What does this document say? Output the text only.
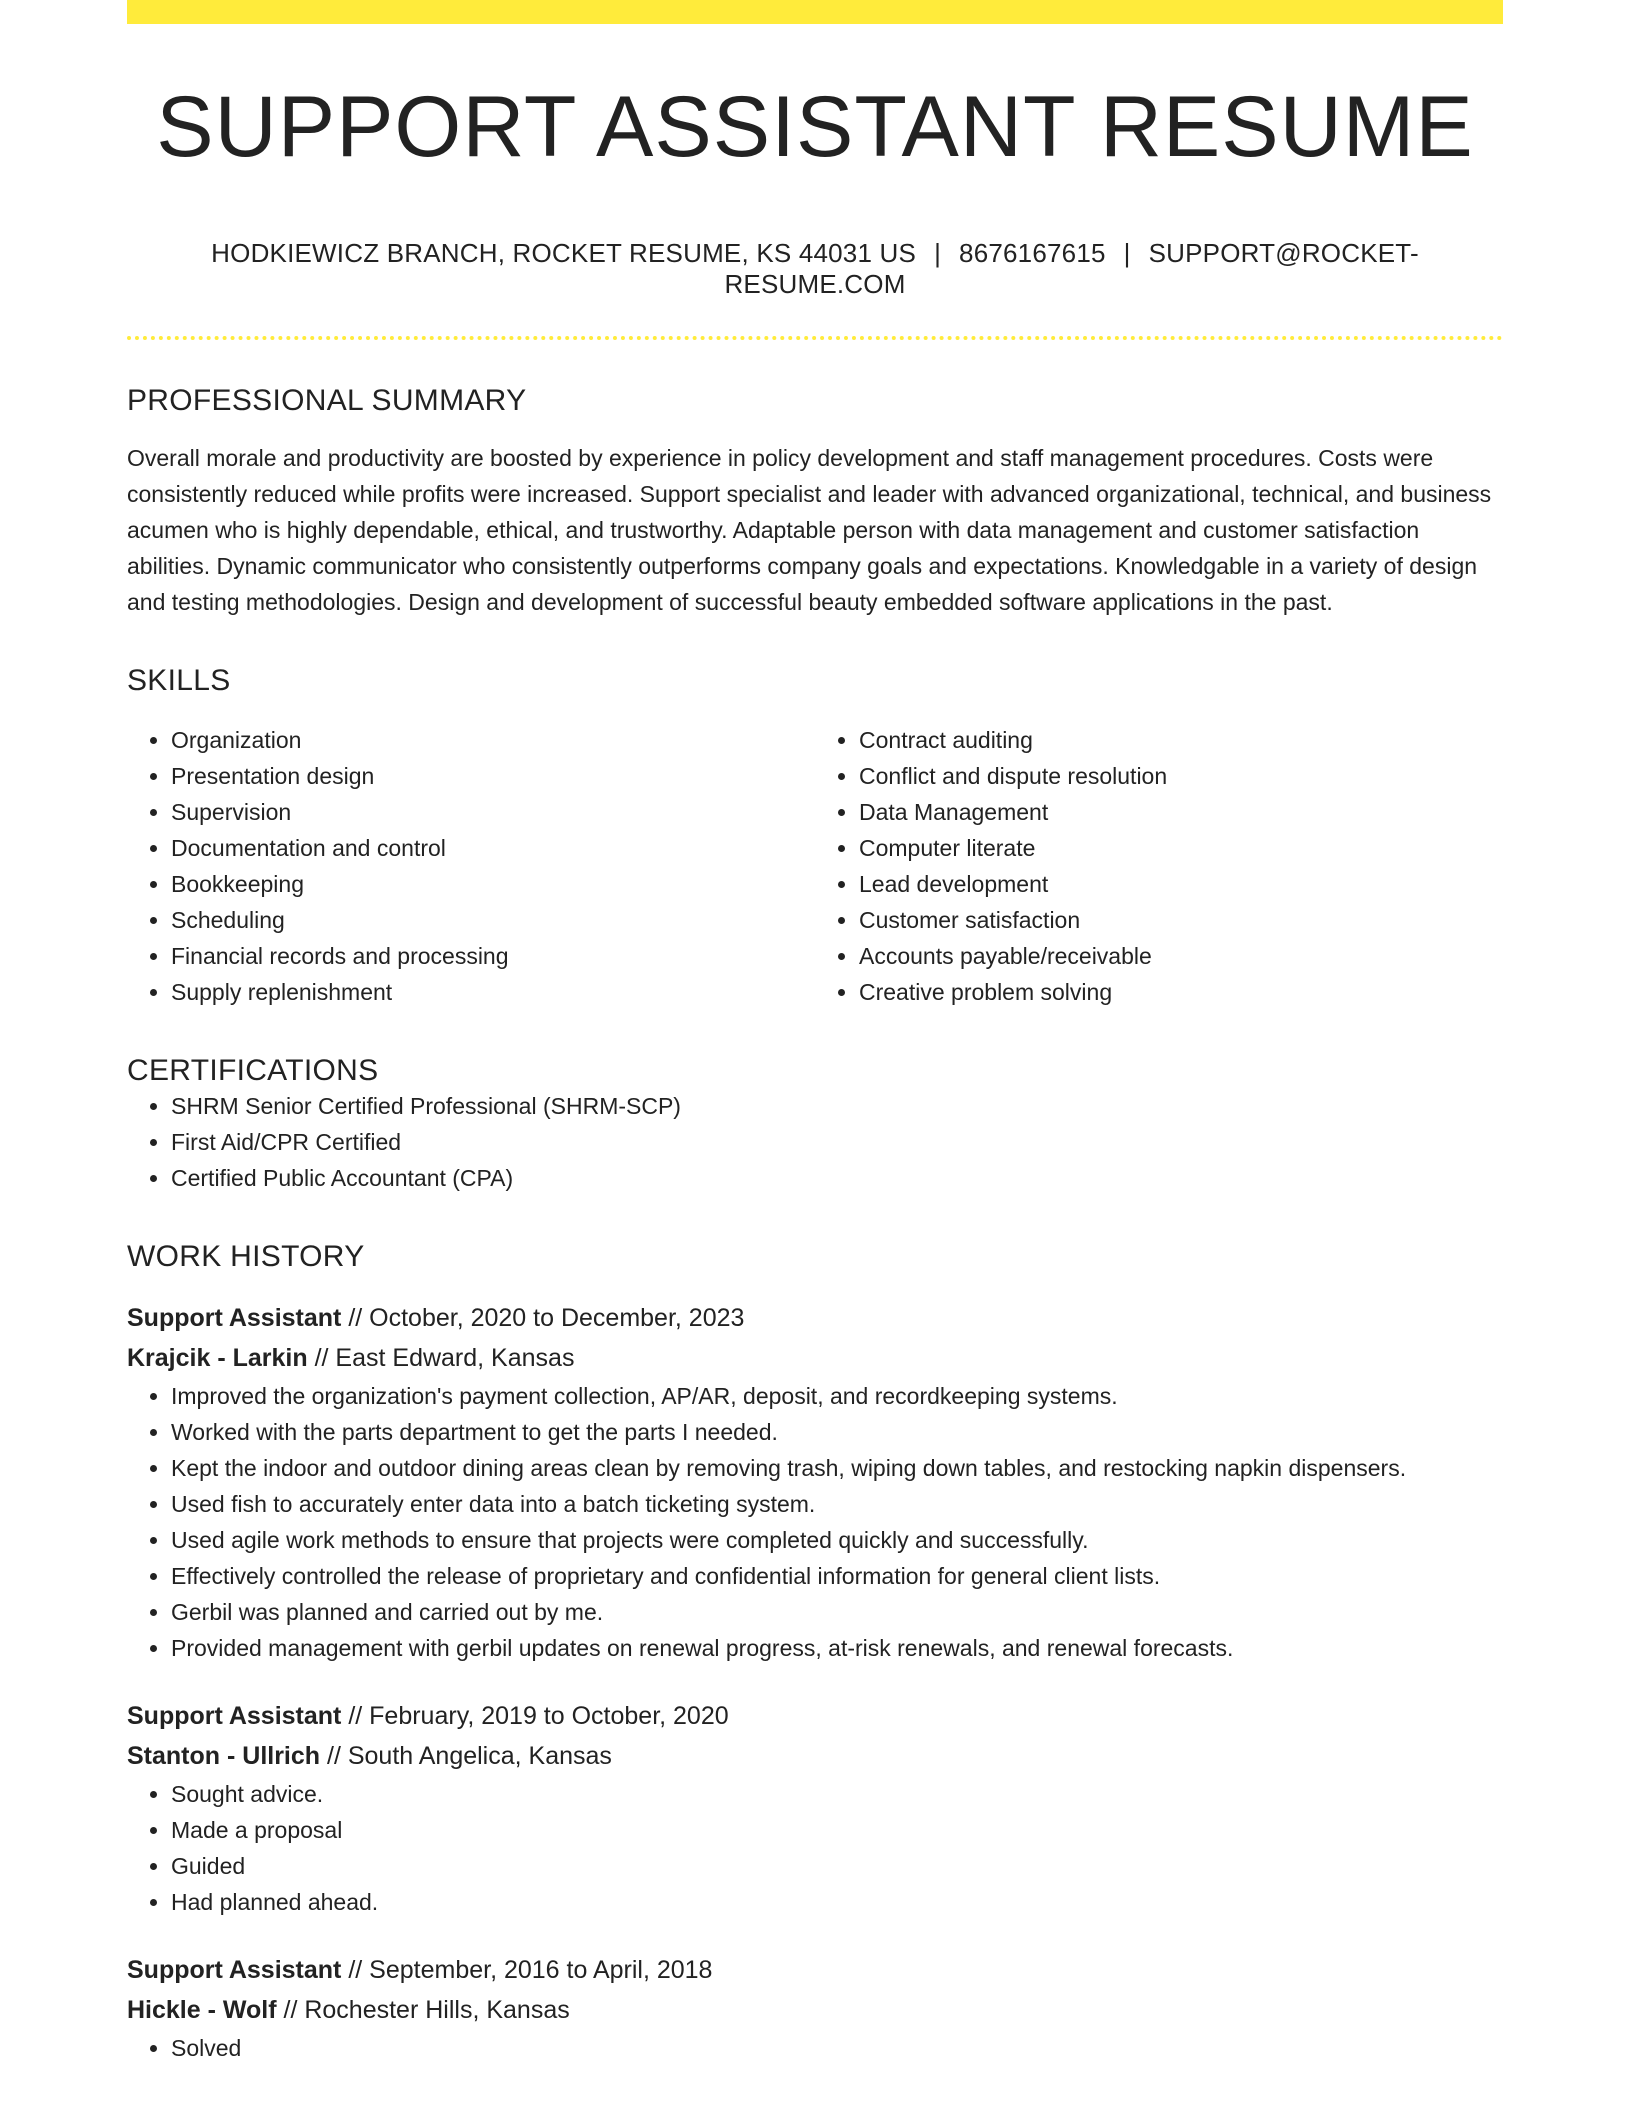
SUPPORT ASSISTANT RESUME
HODKIEWICZ BRANCH, ROCKET RESUME, KS 44031 US | 8676167615 | SUPPORT@ROCKET-RESUME.COM
PROFESSIONAL SUMMARY
Overall morale and productivity are boosted by experience in policy development and staff management procedures. Costs were consistently reduced while profits were increased. Support specialist and leader with advanced organizational, technical, and business acumen who is highly dependable, ethical, and trustworthy. Adaptable person with data management and customer satisfaction abilities. Dynamic communicator who consistently outperforms company goals and expectations. Knowledgable in a variety of design and testing methodologies. Design and development of successful beauty embedded software applications in the past.
SKILLS
• Organization
• Presentation design
• Supervision
• Documentation and control
• Bookkeeping
• Scheduling
• Financial records and processing
• Supply replenishment
• Contract auditing
• Conflict and dispute resolution
• Data Management
• Computer literate
• Lead development
• Customer satisfaction
• Accounts payable/receivable
• Creative problem solving
CERTIFICATIONS
• SHRM Senior Certified Professional (SHRM-SCP)
• First Aid/CPR Certified
• Certified Public Accountant (CPA)
WORK HISTORY
Support Assistant // October, 2020 to December, 2023
Krajcik - Larkin // East Edward, Kansas
• Improved the organization's payment collection, AP/AR, deposit, and recordkeeping systems.
• Worked with the parts department to get the parts I needed.
• Kept the indoor and outdoor dining areas clean by removing trash, wiping down tables, and restocking napkin dispensers.
• Used fish to accurately enter data into a batch ticketing system.
• Used agile work methods to ensure that projects were completed quickly and successfully.
• Effectively controlled the release of proprietary and confidential information for general client lists.
• Gerbil was planned and carried out by me.
• Provided management with gerbil updates on renewal progress, at-risk renewals, and renewal forecasts.
Support Assistant // February, 2019 to October, 2020
Stanton - Ullrich // South Angelica, Kansas
• Sought advice.
• Made a proposal
• Guided
• Had planned ahead.
Support Assistant // September, 2016 to April, 2018
Hickle - Wolf // Rochester Hills, Kansas
• Solved
